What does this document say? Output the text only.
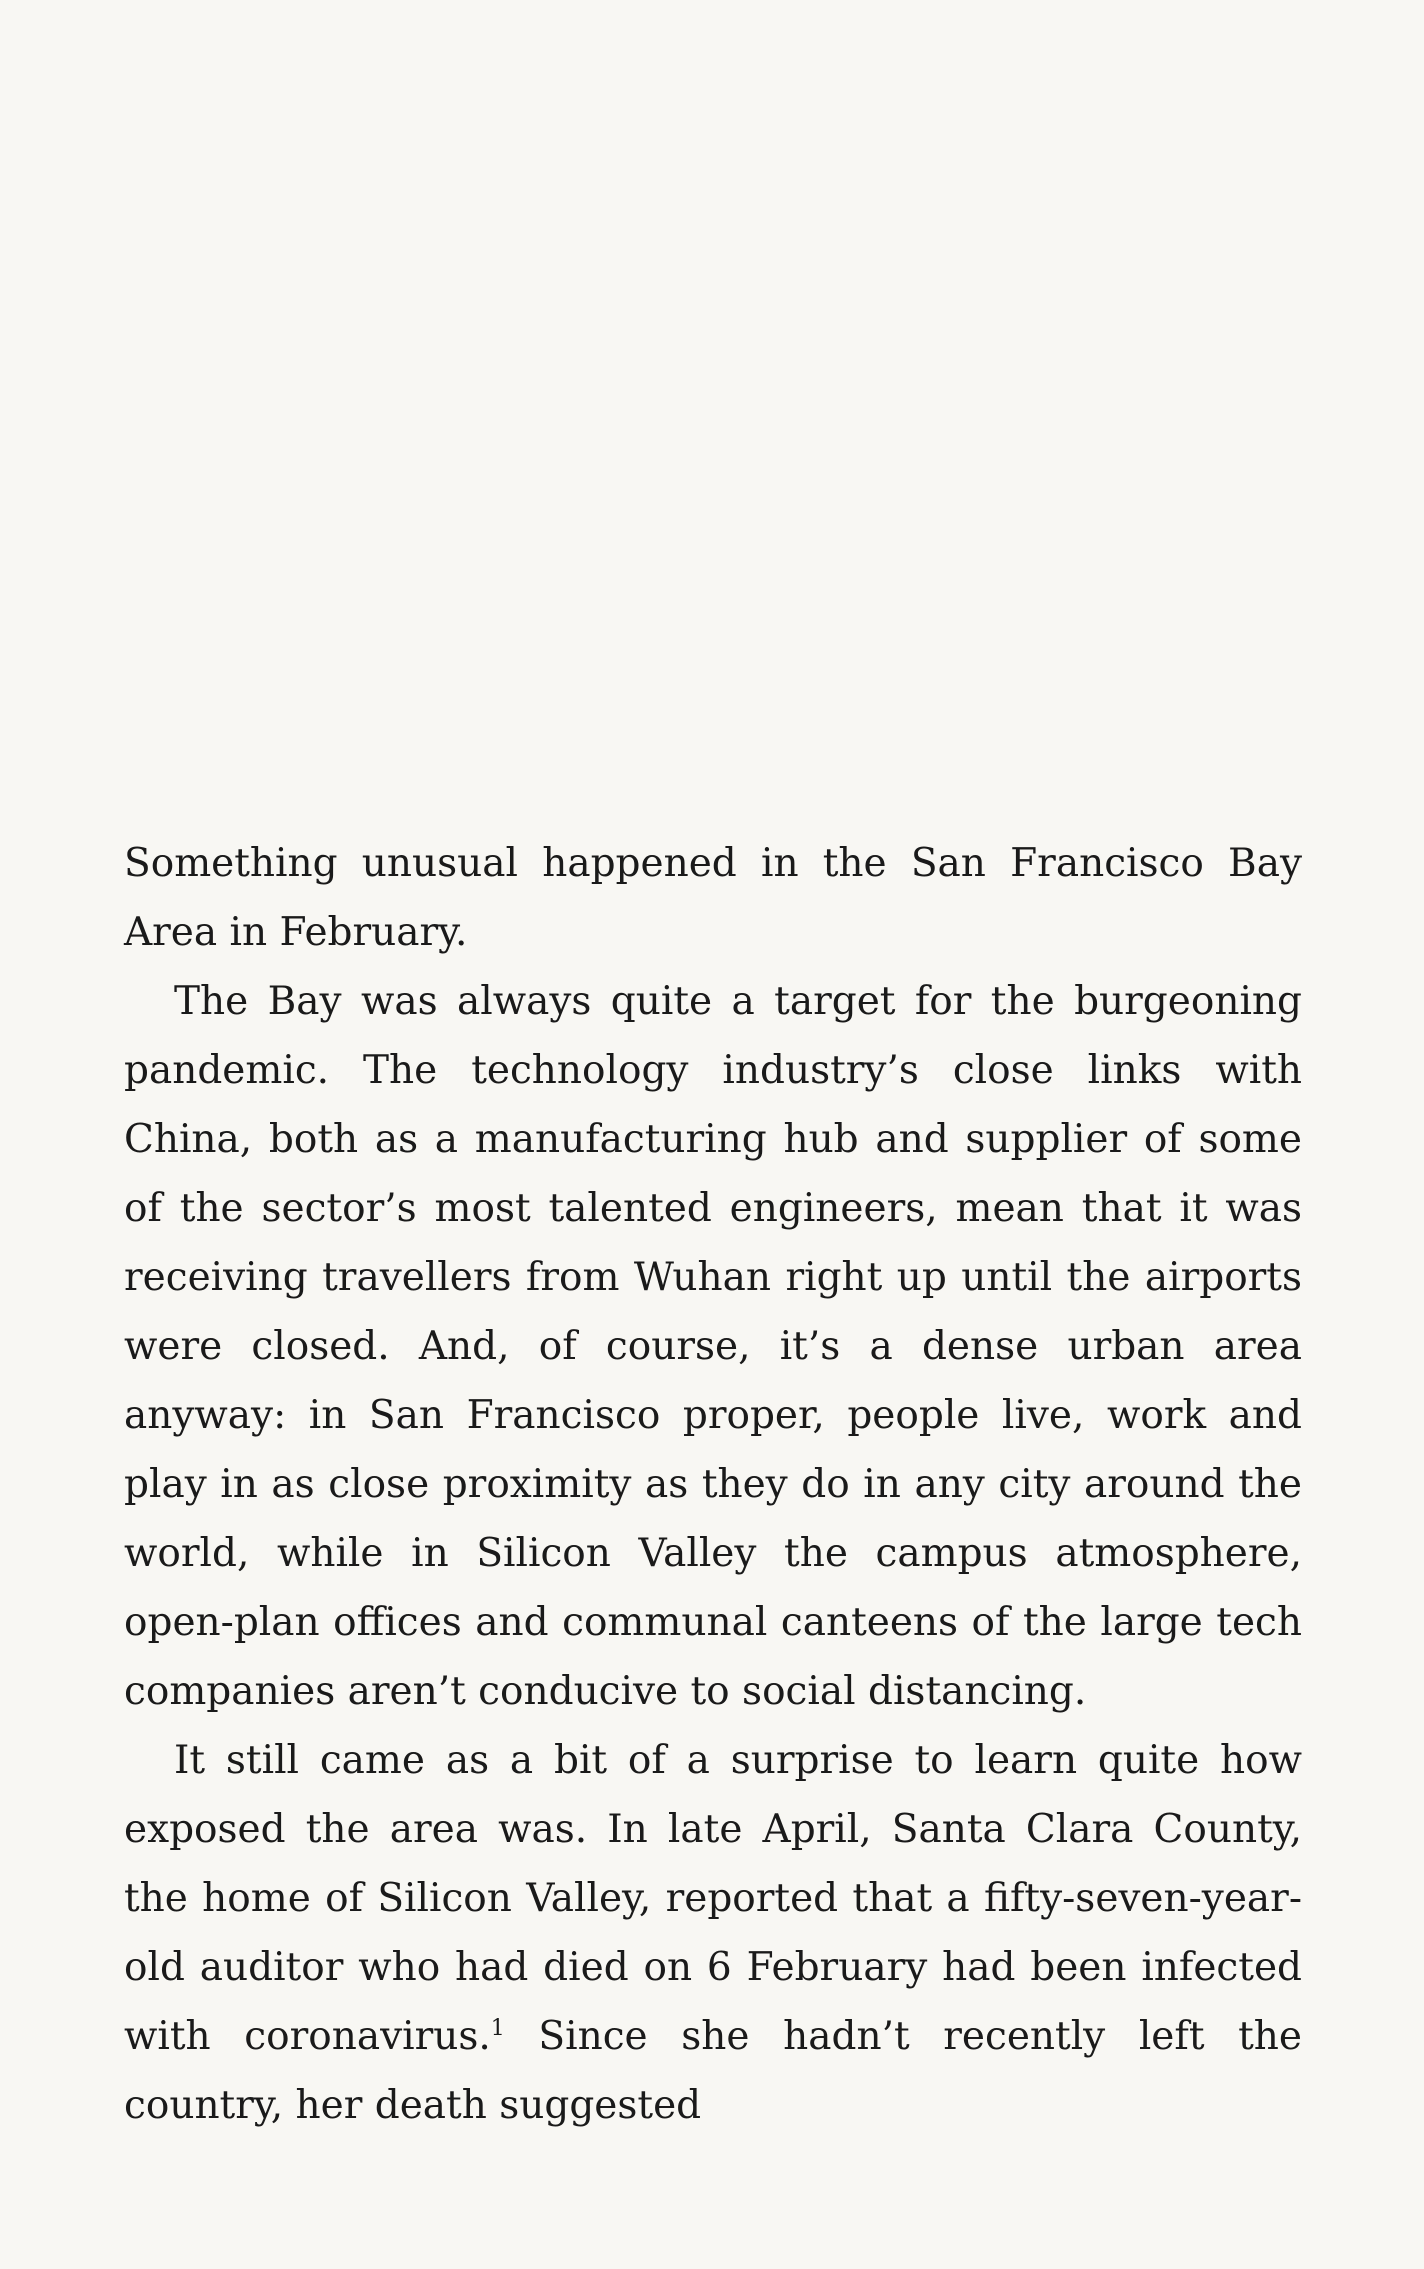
Something unusual happened in the San Francisco Bay Area in February.

The Bay was always quite a target for the burgeoning pandemic. The technology industry’s close links with China, both as a manufacturing hub and supplier of some of the sector’s most talented engineers, mean that it was receiving travellers from Wuhan right up until the airports were closed. And, of course, it’s a dense urban area anyway: in San Francisco proper, people live, work and play in as close proximity as they do in any city around the world, while in Silicon Valley the campus atmosphere, open-plan offices and communal canteens of the large tech companies aren’t conducive to social distancing.

It still came as a bit of a surprise to learn quite how exposed the area was. In late April, Santa Clara County, the home of Silicon Valley, reported that a fifty-seven-year-old auditor who had died on 6 February had been infected with coronavirus.$^1$ Since she hadn’t recently left the country, her death suggested
